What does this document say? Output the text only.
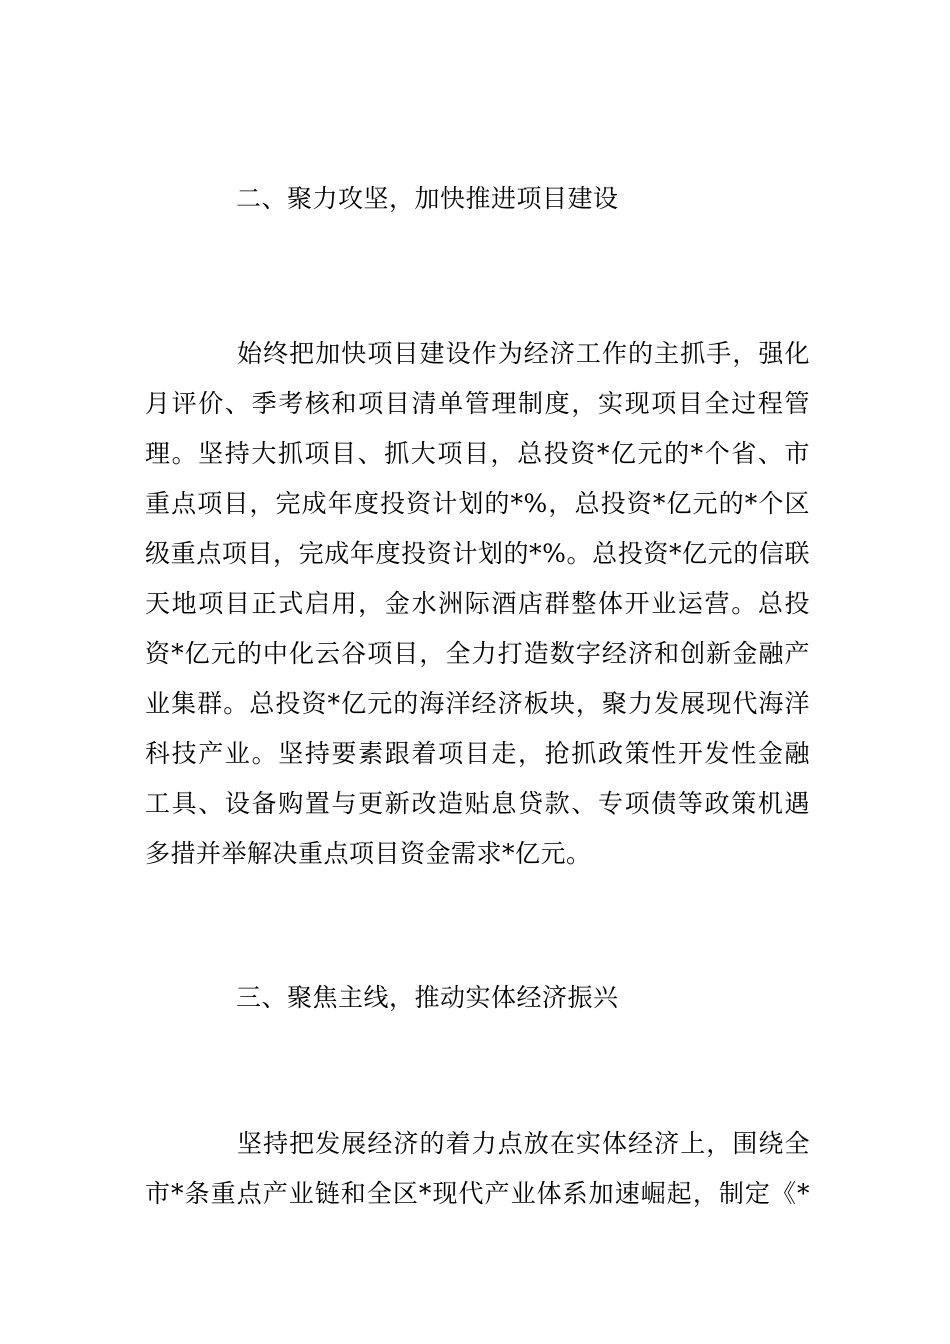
二、聚力攻坚，加快推进项目建设
始终把加快项目建设作为经济工作的主抓手，强化
月评价、季考核和项目清单管理制度，实现项目全过程管
理。坚持大抓项目、抓大项目，总投资*亿元的*个省、市
重点项目，完成年度投资计划的*%，总投资*亿元的*个区
级重点项目，完成年度投资计划的*%。总投资*亿元的信联
天地项目正式启用，金水洲际酒店群整体开业运营。总投
资*亿元的中化云谷项目，全力打造数字经济和创新金融产
业集群。总投资*亿元的海洋经济板块，聚力发展现代海洋
科技产业。坚持要素跟着项目走，抢抓政策性开发性金融
工具、设备购置与更新改造贴息贷款、专项债等政策机遇
多措并举解决重点项目资金需求*亿元。
三、聚焦主线，推动实体经济振兴
坚持把发展经济的着力点放在实体经济上，围绕全
市*条重点产业链和全区*现代产业体系加速崛起，制定《*
